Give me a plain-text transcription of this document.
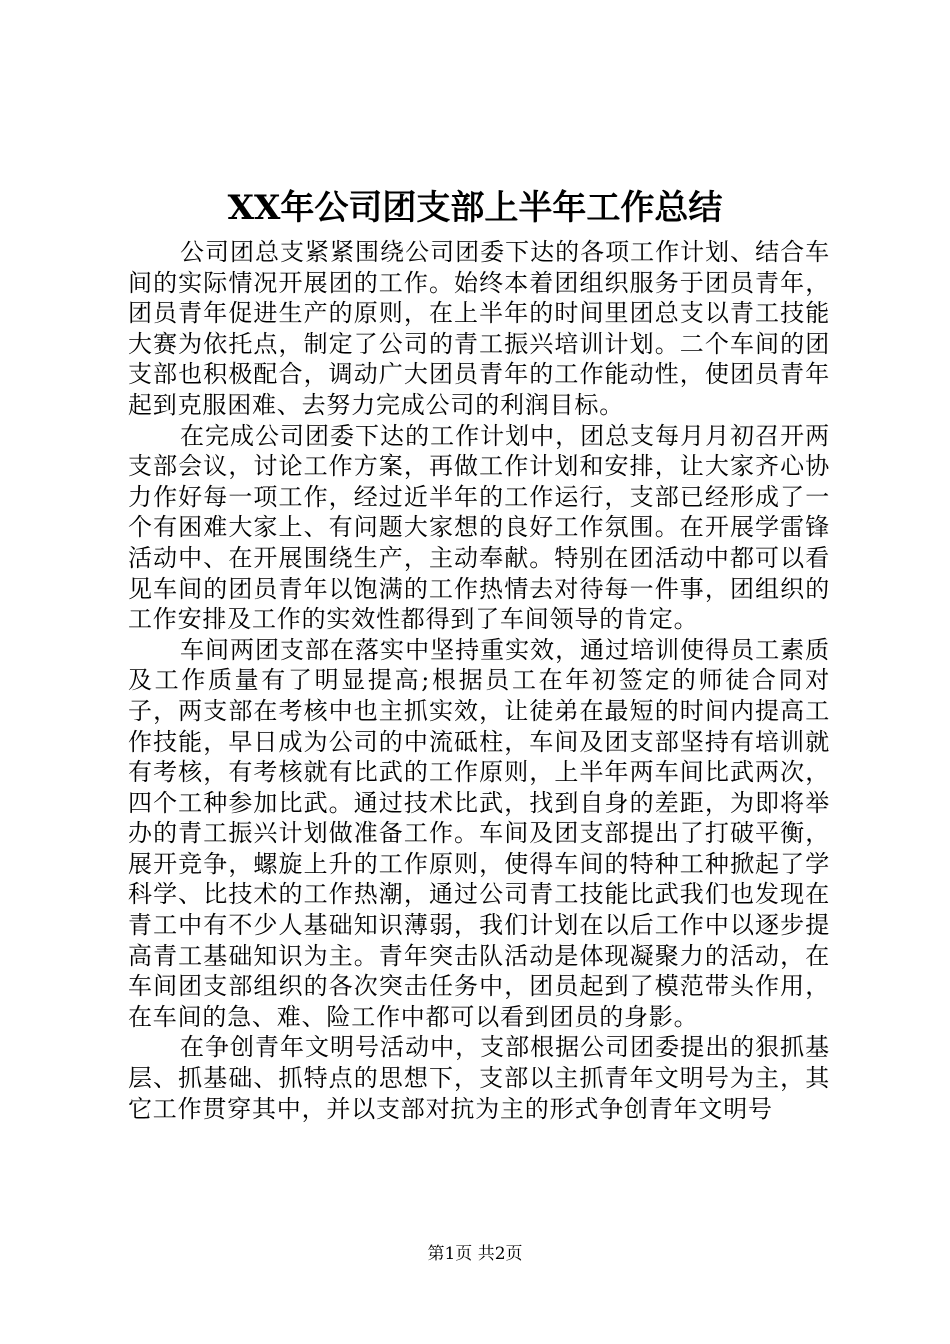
XX年公司团支部上半年工作总结

公司团总支紧紧围绕公司团委下达的各项工作计划、结合车间的实际情况开展团的工作。始终本着团组织服务于团员青年，团员青年促进生产的原则，在上半年的时间里团总支以青工技能大赛为依托点，制定了公司的青工振兴培训计划。二个车间的团支部也积极配合，调动广大团员青年的工作能动性，使团员青年起到克服困难、去努力完成公司的利润目标。

在完成公司团委下达的工作计划中，团总支每月月初召开两支部会议，讨论工作方案，再做工作计划和安排，让大家齐心协力作好每一项工作，经过近半年的工作运行，支部已经形成了一个有困难大家上、有问题大家想的良好工作氛围。在开展学雷锋活动中、在开展围绕生产，主动奉献。特别在团活动中都可以看见车间的团员青年以饱满的工作热情去对待每一件事，团组织的工作安排及工作的实效性都得到了车间领导的肯定。

车间两团支部在落实中坚持重实效，通过培训使得员工素质及工作质量有了明显提高;根据员工在年初签定的师徒合同对子，两支部在考核中也主抓实效，让徒弟在最短的时间内提高工作技能，早日成为公司的中流砥柱，车间及团支部坚持有培训就有考核，有考核就有比武的工作原则，上半年两车间比武两次，四个工种参加比武。通过技术比武，找到自身的差距，为即将举办的青工振兴计划做准备工作。车间及团支部提出了打破平衡，展开竞争，螺旋上升的工作原则，使得车间的特种工种掀起了学科学、比技术的工作热潮，通过公司青工技能比武我们也发现在青工中有不少人基础知识薄弱，我们计划在以后工作中以逐步提高青工基础知识为主。青年突击队活动是体现凝聚力的活动，在车间团支部组织的各次突击任务中，团员起到了模范带头作用，在车间的急、难、险工作中都可以看到团员的身影。

在争创青年文明号活动中，支部根据公司团委提出的狠抓基层、抓基础、抓特点的思想下，支部以主抓青年文明号为主，其它工作贯穿其中，并以支部对抗为主的形式争创青年文明号

第1页 共2页
